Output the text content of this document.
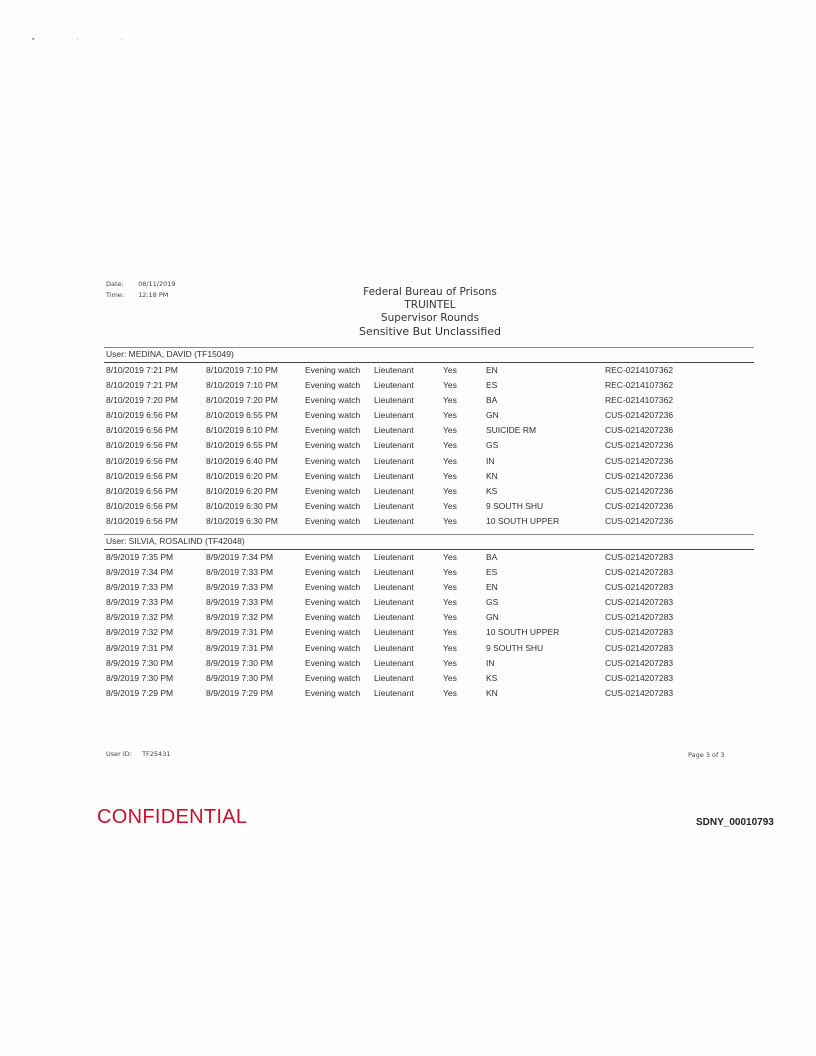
▪ · ·
Date: 08/11/2019
Time: 12:18 PM	Federal Bureau of Prisons
TRUINTEL
Supervisor Rounds
Sensitive But Unclassified
User: MEDINA, DAVID (TF15049)
8/10/2019 7:21 PM	8/10/2019 7:10 PM	Evening watch Lieutenant	Yes	EN	REC-0214107362
8/10/2019 7:21 PM	8/10/2019 7:10 PM	Evening watch Lieutenant	Yes	ES	REC-0214107362
8/10/2019 7:20 PM	8/10/2019 7:20 PM	Evening watch Lieutenant	Yes	BA	REC-0214107362
8/10/2019 6:56 PM	8/10/2019 6:55 PM	Evening watch Lieutenant	Yes	GN	CUS-0214207236
8/10/2019 6:56 PM	8/10/2019 6:10 PM	Evening watch Lieutenant	Yes	SUICIDE RM	CUS-0214207236
8/10/2019 6:56 PM	8/10/2019 6:55 PM	Evening watch Lieutenant	Yes	GS	CUS-0214207236
8/10/2019 6:56 PM	8/10/2019 6:40 PM	Evening watch Lieutenant	Yes	IN	CUS-0214207236
8/10/2019 6:56 PM	8/10/2019 6:20 PM	Evening watch Lieutenant	Yes	KN	CUS-0214207236
8/10/2019 6:56 PM	8/10/2019 6:20 PM	Evening watch Lieutenant	Yes	KS	CUS-0214207236
8/10/2019 6:56 PM	8/10/2019 6:30 PM	Evening watch Lieutenant	Yes	9 SOUTH SHU	CUS-0214207236
8/10/2019 6:56 PM	8/10/2019 6:30 PM	Evening watch Lieutenant	Yes	10 SOUTH UPPER	CUS-0214207236
User: SILVIA, ROSALIND (TF42048)
8/9/2019 7:35 PM	8/9/2019 7:34 PM	Evening watch Lieutenant	Yes	BA	CUS-0214207283
8/9/2019 7:34 PM	8/9/2019 7:33 PM	Evening watch Lieutenant	Yes	ES	CUS-0214207283
8/9/2019 7:33 PM	8/9/2019 7:33 PM	Evening watch Lieutenant	Yes	EN	CUS-0214207283
8/9/2019 7:33 PM	8/9/2019 7:33 PM	Evening watch Lieutenant	Yes	GS	CUS-0214207283
8/9/2019 7:32 PM	8/9/2019 7:32 PM	Evening watch Lieutenant	Yes	GN	CUS-0214207283
8/9/2019 7:32 PM	8/9/2019 7:31 PM	Evening watch Lieutenant	Yes	10 SOUTH UPPER	CUS-0214207283
8/9/2019 7:31 PM	8/9/2019 7:31 PM	Evening watch Lieutenant	Yes	9 SOUTH SHU	CUS-0214207283
8/9/2019 7:30 PM	8/9/2019 7:30 PM	Evening watch Lieutenant	Yes	IN	CUS-0214207283
8/9/2019 7:30 PM	8/9/2019 7:30 PM	Evening watch Lieutenant	Yes	KS	CUS-0214207283
8/9/2019 7:29 PM	8/9/2019 7:29 PM	Evening watch Lieutenant	Yes	KN	CUS-0214207283
User ID: TF25431	Page 3 of 3
CONFIDENTIAL	SDNY_00010793
